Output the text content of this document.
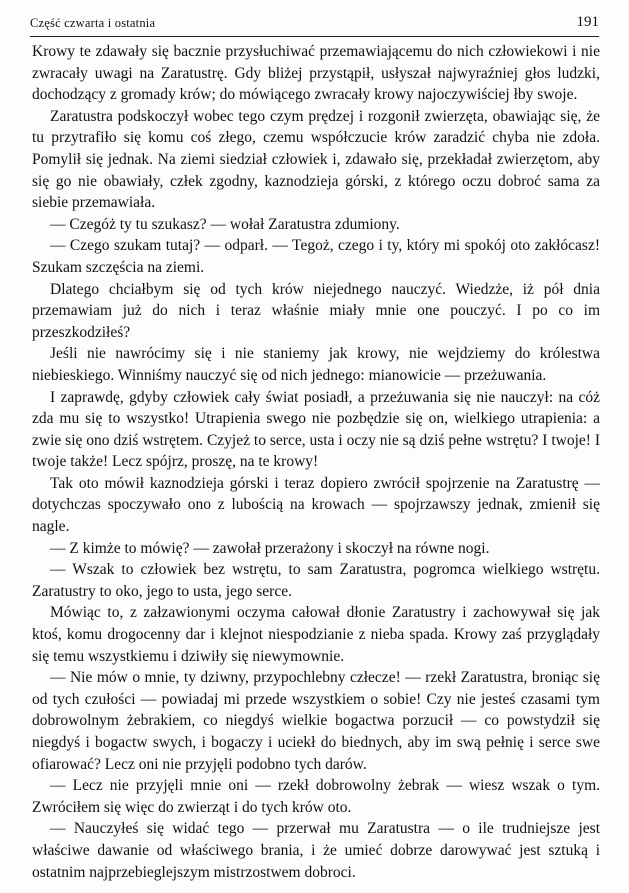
Część czwarta i ostatnia	191

Krowy te zdawały się bacznie przysłuchiwać przemawiającemu do nich człowiekowi i nie zwracały uwagi na Zaratustrę. Gdy bliżej przystąpił, usłyszał najwyraźniej głos ludzki, dochodzący z gromady krów; do mówiącego zwracały krowy najoczywiściej łby swoje.

Zaratustra podskoczył wobec tego czym prędzej i rozgonił zwierzęta, obawiając się, że tu przytrafiło się komu coś złego, czemu współczucie krów zaradzić chyba nie zdoła. Pomylił się jednak. Na ziemi siedział człowiek i, zdawało się, przekładał zwierzętom, aby się go nie obawiały, człek zgodny, kaznodzieja górski, z którego oczu dobroć sama za siebie przemawiała.

— Czegóż ty tu szukasz? — wołał Zaratustra zdumiony.

— Czego szukam tutaj? — odparł. — Tegoż, czego i ty, który mi spokój oto zakłócasz! Szukam szczęścia na ziemi.

Dlatego chciałbym się od tych krów niejednego nauczyć. Wiedzże, iż pół dnia przemawiam już do nich i teraz właśnie miały mnie one pouczyć. I po co im przeszkodziłeś?

Jeśli nie nawrócimy się i nie staniemy jak krowy, nie wejdziemy do królestwa niebieskiego. Winniśmy nauczyć się od nich jednego: mianowicie — przeżuwania.

I zaprawdę, gdyby człowiek cały świat posiadł, a przeżuwania się nie nauczył: na cóż zda mu się to wszystko! Utrapienia swego nie pozbędzie się on, wielkiego utrapienia: a zwie się ono dziś wstrętem. Czyjeż to serce, usta i oczy nie są dziś pełne wstrętu? I twoje! I twoje także! Lecz spójrz, proszę, na te krowy!

Tak oto mówił kaznodzieja górski i teraz dopiero zwrócił spojrzenie na Zaratustrę — dotychczas spoczywało ono z lubością na krowach — spojrzawszy jednak, zmienił się nagle.

— Z kimże to mówię? — zawołał przerażony i skoczył na równe nogi.

— Wszak to człowiek bez wstrętu, to sam Zaratustra, pogromca wielkiego wstrętu. Zaratustry to oko, jego to usta, jego serce.

Mówiąc to, z załzawionymi oczyma całował dłonie Zaratustry i zachowywał się jak ktoś, komu drogocenny dar i klejnot niespodzianie z nieba spada. Krowy zaś przyglądały się temu wszystkiemu i dziwiły się niewymownie.

— Nie mów o mnie, ty dziwny, przypochlebny człecze! — rzekł Zaratustra, broniąc się od tych czułości — powiadaj mi przede wszystkiem o sobie! Czy nie jesteś czasami tym dobrowolnym żebrakiem, co niegdyś wielkie bogactwa porzucił — co powstydził się niegdyś i bogactw swych, i bogaczy i uciekł do biednych, aby im swą pełnię i serce swe ofiarować? Lecz oni nie przyjęli podobno tych darów.

— Lecz nie przyjęli mnie oni — rzekł dobrowolny żebrak — wiesz wszak o tym. Zwróciłem się więc do zwierząt i do tych krów oto.

— Nauczyłeś się widać tego — przerwał mu Zaratustra — o ile trudniejsze jest właściwe dawanie od właściwego brania, i że umieć dobrze darowywać jest sztuką i ostatnim najprzebieglejszym mistrzostwem dobroci.
